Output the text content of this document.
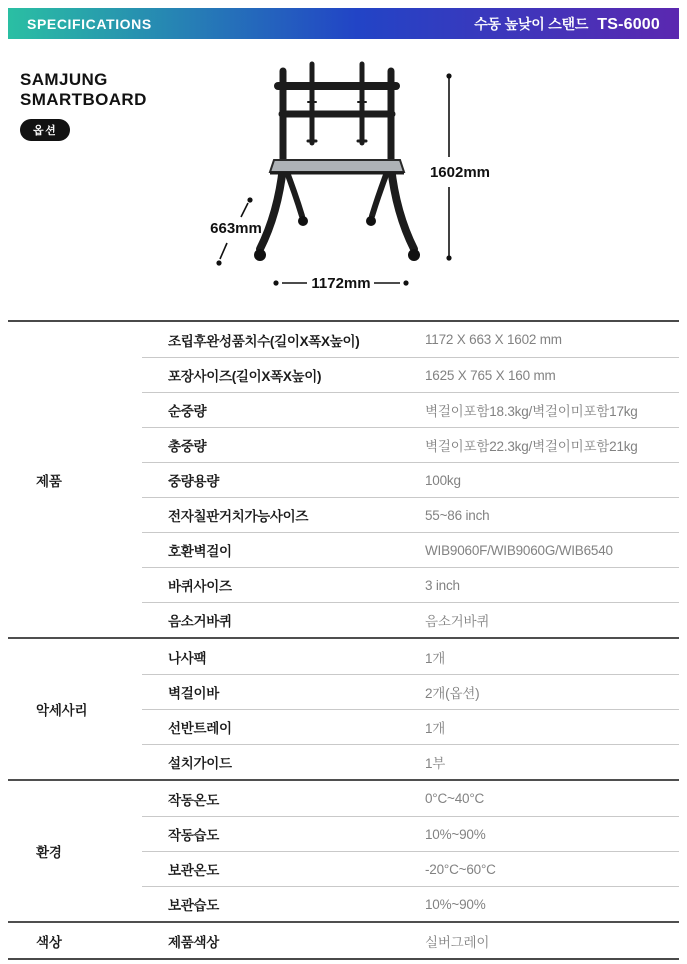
SPECIFICATIONS	수동 높낮이 스탠드 TS-6000
SAMJUNG
SMARTBOARD
옵션
1602mm
663mm
1172mm
제품
조립후완성품치수(길이X폭X높이)	1172 X 663 X 1602 mm
포장사이즈(길이X폭X높이)	1625 X 765 X 160 mm
순중량	벽걸이포함18.3kg/벽걸이미포함17kg
총중량	벽걸이포함22.3kg/벽걸이미포함21kg
중량용량	100kg
전자칠판거치가능사이즈	55~86 inch
호환벽걸이	WIB9060F/WIB9060G/WIB6540
바퀴사이즈	3 inch
음소거바퀴	음소거바퀴
악세사리
나사팩	1개
벽걸이바	2개(옵션)
선반트레이	1개
설치가이드	1부
환경
작동온도	0°C~40°C
작동습도	10%~90%
보관온도	-20°C~60°C
보관습도	10%~90%
색상	제품색상	실버그레이
